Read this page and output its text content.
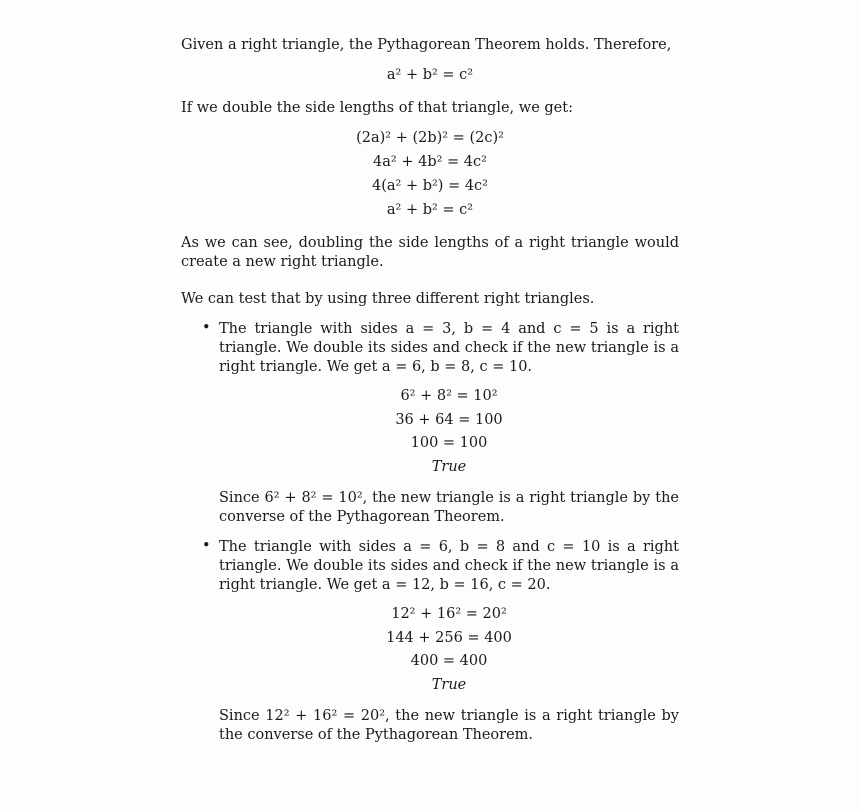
Given a right triangle, the Pythagorean Theorem holds. Therefore,

a² + b² = c²

If we double the side lengths of that triangle, we get:

(2a)² + (2b)² = (2c)²
4a² + 4b² = 4c²
4(a² + b²) = 4c²
a² + b² = c²

As we can see, doubling the side lengths of a right triangle would create a new right triangle.

We can test that by using three different right triangles.

• The triangle with sides a = 3, b = 4 and c = 5 is a right triangle. We double its sides and check if the new triangle is a right triangle. We get a = 6, b = 8, c = 10.

6² + 8² = 10²
36 + 64 = 100
100 = 100
True

Since 6² + 8² = 10², the new triangle is a right triangle by the converse of the Pythagorean Theorem.

• The triangle with sides a = 6, b = 8 and c = 10 is a right triangle. We double its sides and check if the new triangle is a right triangle. We get a = 12, b = 16, c = 20.

12² + 16² = 20²
144 + 256 = 400
400 = 400
True

Since 12² + 16² = 20², the new triangle is a right triangle by the converse of the Pythagorean Theorem.
